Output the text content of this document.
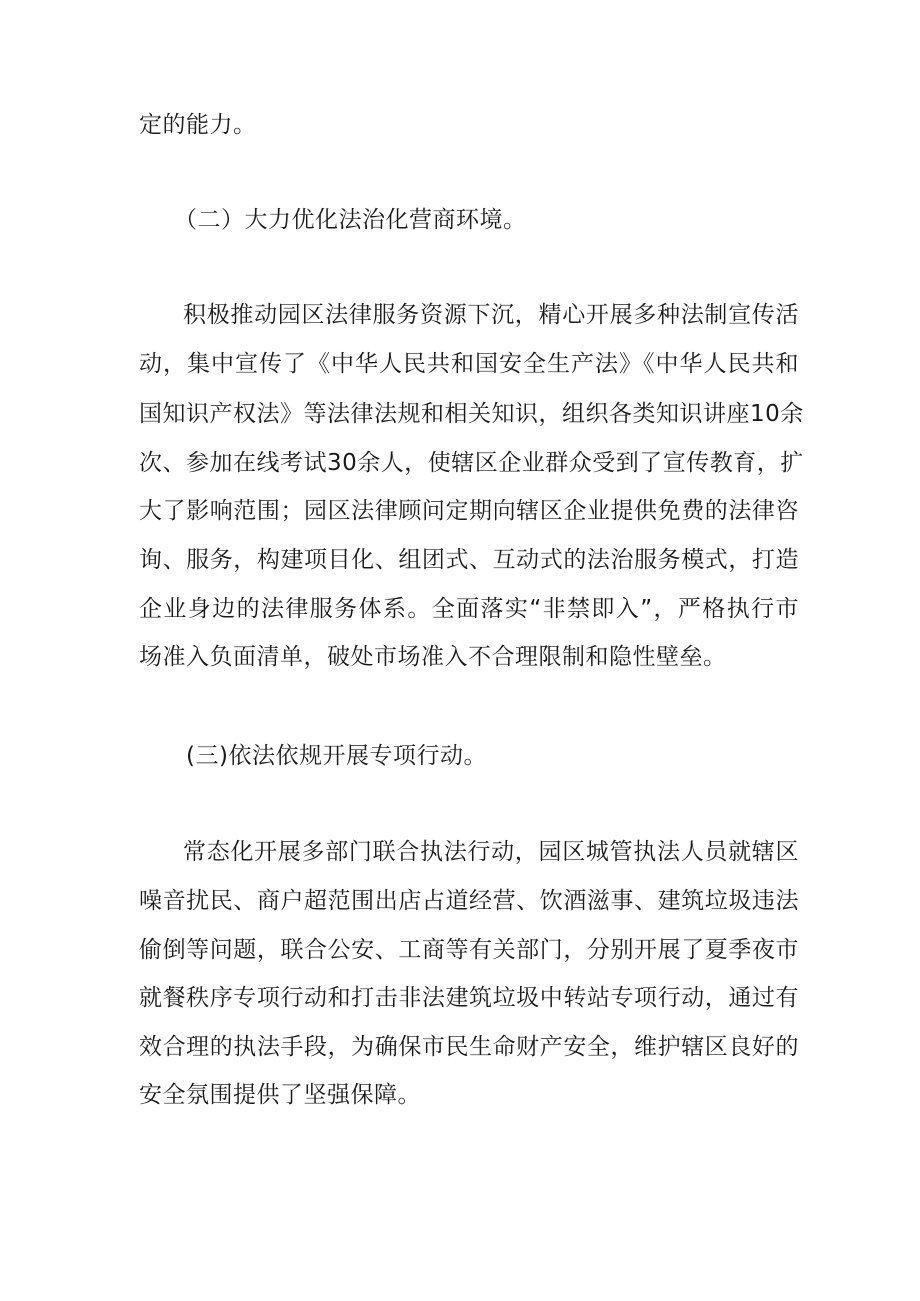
定的能力。
（二）大力优化法治化营商环境。
积极推动园区法律服务资源下沉，精心开展多种法制宣传活
动，集中宣传了《中华人民共和国安全生产法》《中华人民共和
国知识产权法》等法律法规和相关知识，组织各类知识讲座10余
次、参加在线考试30余人，使辖区企业群众受到了宣传教育，扩
大了影响范围；园区法律顾问定期向辖区企业提供免费的法律咨
询、服务，构建项目化、组团式、互动式的法治服务模式，打造
企业身边的法律服务体系。全面落实“非禁即入”，严格执行市
场准入负面清单，破处市场准入不合理限制和隐性壁垒。
(三)依法依规开展专项行动。
常态化开展多部门联合执法行动，园区城管执法人员就辖区
噪音扰民、商户超范围出店占道经营、饮酒滋事、建筑垃圾违法
偷倒等问题，联合公安、工商等有关部门，分别开展了夏季夜市
就餐秩序专项行动和打击非法建筑垃圾中转站专项行动，通过有
效合理的执法手段，为确保市民生命财产安全，维护辖区良好的
安全氛围提供了坚强保障。
